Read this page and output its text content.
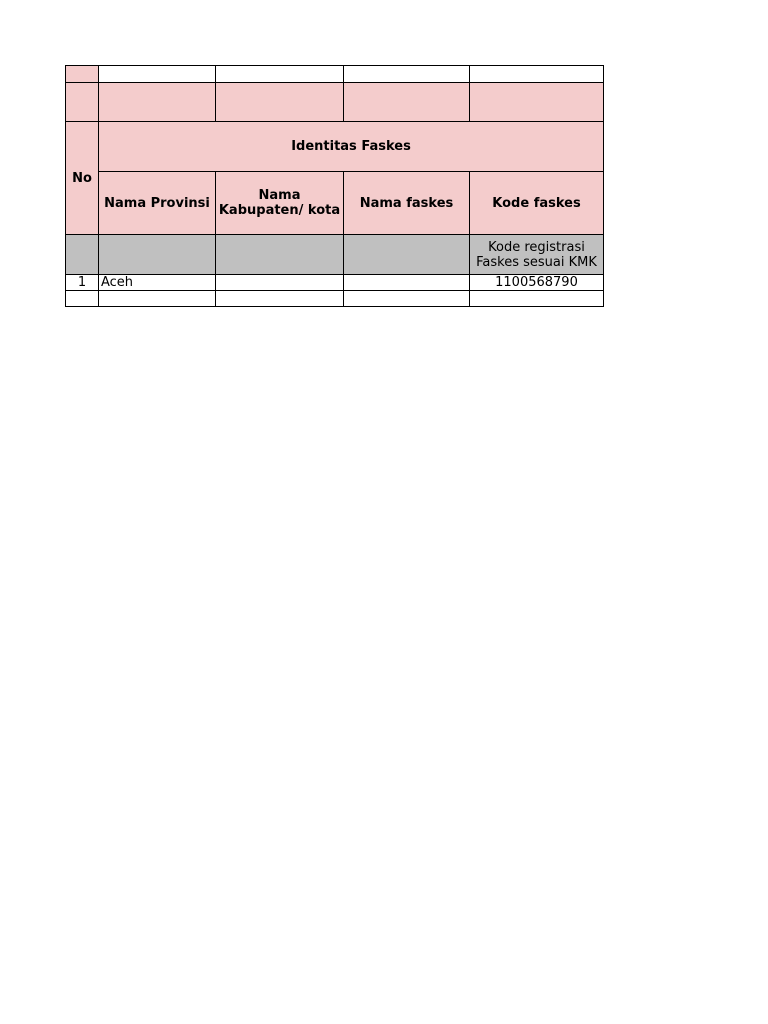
No	Identitas Faskes			
	Nama Provinsi	Nama Kabupaten/ kota	Nama faskes	Kode faskes
				Kode registrasi Faskes sesuai KMK
1	Aceh			1100568790
